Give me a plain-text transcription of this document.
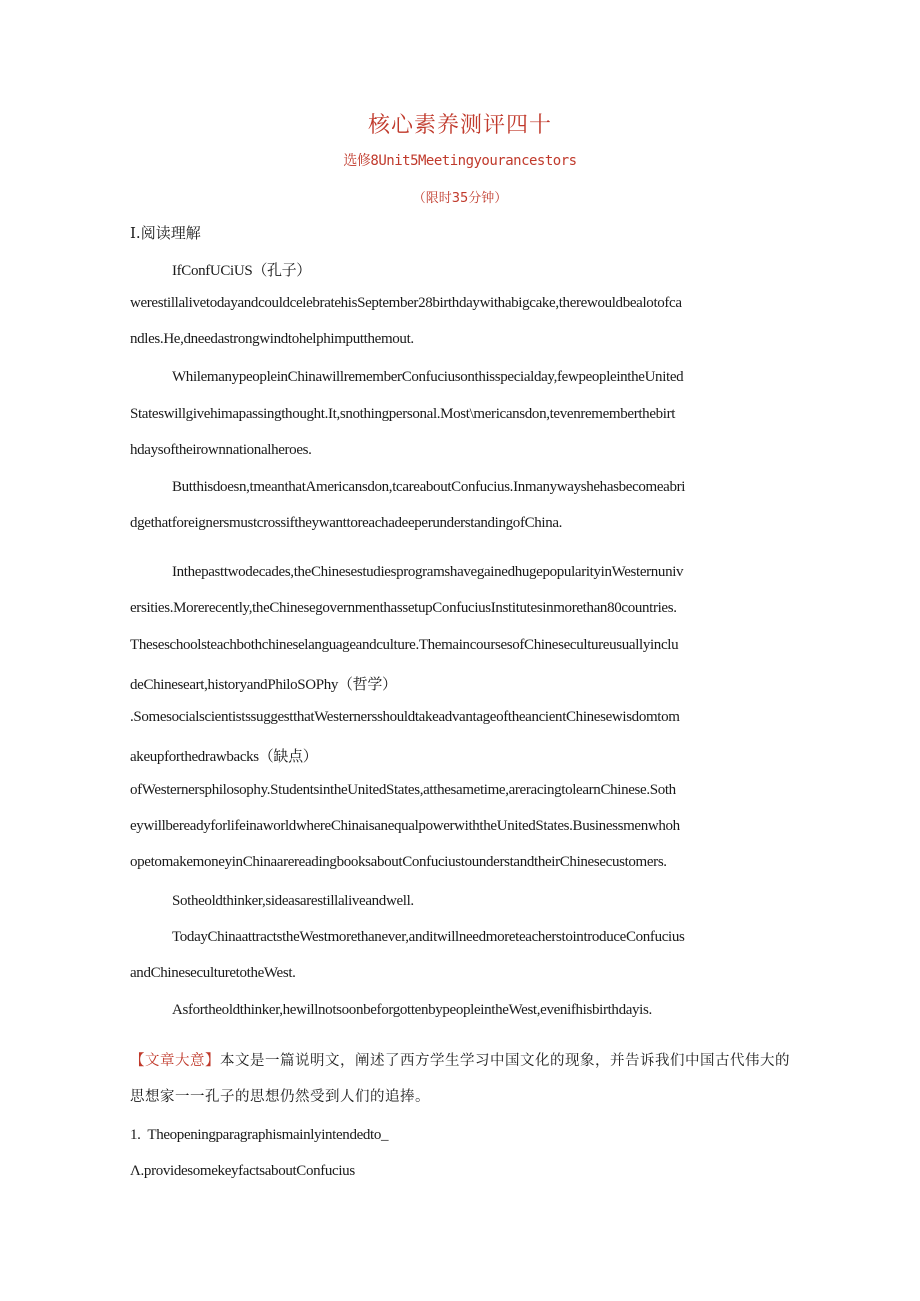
核心素养测评四十
选修8Unit5Meetingyourancestors
（限时35分钟）
I.阅读理解
IfConfUCiUS（孔子）
werestillalivetodayandcouldcelebratehisSeptember28birthdaywithabigcake,therewouldbealotofca
ndles.He,dneedastrongwindtohelphimputthemout.
WhilemanypeopleinChinawillrememberConfuciusonthisspecialday,fewpeopleintheUnited
Stateswillgivehimapassingthought.It,snothingpersonal.Most\mericansdon,tevenrememberthebirt
hdaysoftheirownnationalheroes.
Butthisdoesn,tmeanthatAmericansdon,tcareaboutConfucius.Inmanywayshehasbecomeabri
dgethatforeignersmustcrossiftheywanttoreachadeeperunderstandingofChina.
Inthepasttwodecades,theChinesestudiesprogramshavegainedhugepopularityinWesternuniv
ersities.Morerecently,theChinesegovernmenthassetupConfuciusInstitutesinmorethan80countries.
Theseschoolsteachbothchineselanguageandculture.ThemaincoursesofChinesecultureusuallyinclu
deChineseart,historyandPhiloSOPhy（哲学）
.SomesocialscientistssuggestthatWesternersshouldtakeadvantageoftheancientChinesewisdomtom
akeupforthedrawbacks（缺点）
ofWesternersphilosophy.StudentsintheUnitedStates,atthesametime,areracingtolearnChinese.Soth
eywillbereadyforlifeinaworldwhereChinaisanequalpowerwiththeUnitedStates.Businessmenwhoh
opetomakemoneyinChinaarereadingbooksaboutConfuciustounderstandtheirChinesecustomers.
Sotheoldthinker,sideasarestillaliveandwell.
TodayChinaattractstheWestmorethanever,anditwillneedmoreteacherstointroduceConfucius
andChineseculturetotheWest.
Asfortheoldthinker,hewillnotsoonbeforgottenbypeopleintheWest,evenifhisbirthdayis.
【文章大意】本文是一篇说明文，阐述了西方学生学习中国文化的现象，并告诉我们中国古代伟大的思想家一一孔子的思想仍然受到人们的追捧。
1. Theopeningparagraphismainlyintendedto_
Λ.providesomekeyfactsaboutConfucius
